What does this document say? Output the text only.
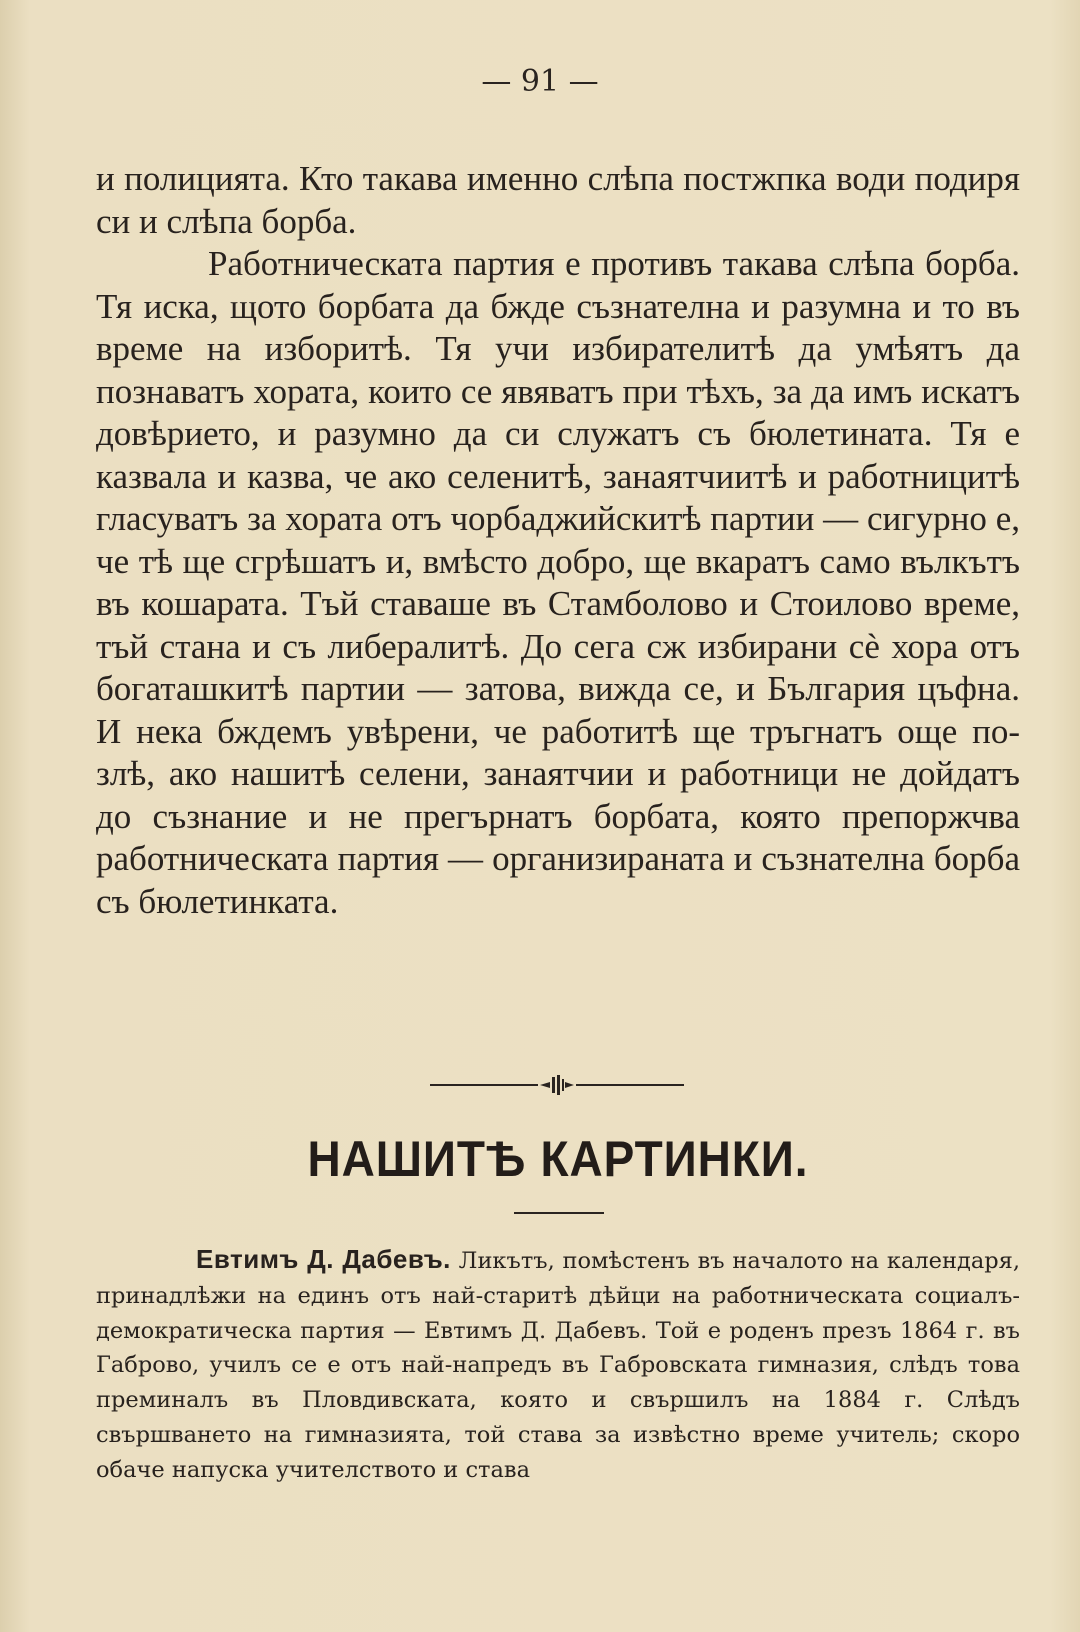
— 91 —

и полицията. Кто такава именно слѣпа постжпка води подиря си и слѣпа борба.

Работническата партия е противъ такава слѣпа борба. Тя иска, щото борбата да бжде съзнателна и разумна и то въ време на изборитѣ. Тя учи избирателитѣ да умѣятъ да познаватъ хората, които се явяватъ при тѣхъ, за да имъ искатъ довѣрието, и разумно да си служатъ съ бюлетината. Тя е казвала и казва, че ако селенитѣ, занаятчиитѣ и работницитѣ гласуватъ за хората отъ чорбаджийскитѣ партии — сигурно е, че тѣ ще сгрѣшатъ и, вмѣсто добро, ще вкаратъ само вълкътъ въ кошарата. Тъй ставаше въ Стамболово и Стоилово време, тъй стана и съ либералитѣ. До сега сж избирани сѐ хора отъ богаташкитѣ партии — затова, вижда се, и България цъфна. И нека бждемъ увѣрени, че работитѣ ще тръгнатъ още по-злѣ, ако нашитѣ селени, занаятчии и работници не дойдатъ до съзнание и не прегърнатъ борбата, която препоржчва работническата партия — организираната и съзнателна борба съ бюлетинката.

НАШИТѢ КАРТИНКИ.

Евтимъ Д. Дабевъ. Ликътъ, помѣстенъ въ началото на календаря, принадлѣжи на единъ отъ най-старитѣ дѣйци на работническата социалъ-демократическа партия — Евтимъ Д. Дабевъ. Той е роденъ презъ 1864 г. въ Габрово, училъ се е отъ най-напредъ въ Габровската гимназия, слѣдъ това преминалъ въ Пловдивската, която и свършилъ на 1884 г. Слѣдъ свършването на гимназията, той става за извѣстно време учитель; скоро обаче напуска учителството и става
